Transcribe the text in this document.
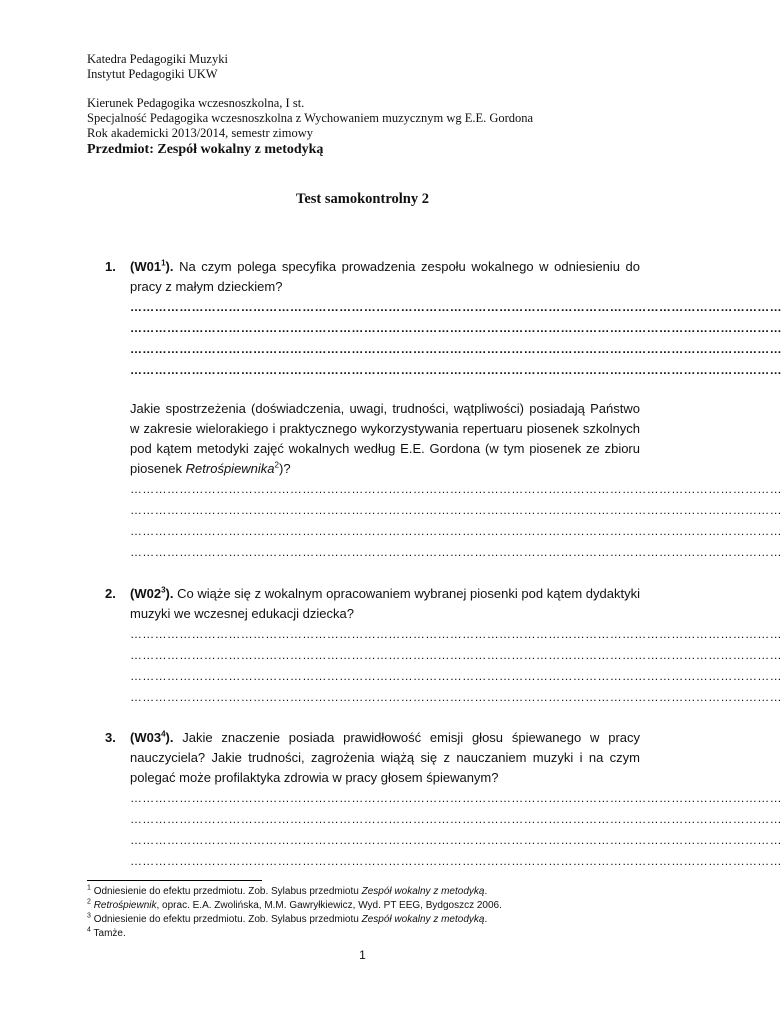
Katedra Pedagogiki Muzyki
Instytut Pedagogiki UKW
Kierunek Pedagogika wczesnoszkolna, I st.
Specjalność Pedagogika wczesnoszkolna z Wychowaniem muzycznym wg E.E. Gordona
Rok akademicki 2013/2014, semestr zimowy
Przedmiot: Zespół wokalny z metodyką
Test samokontrolny 2
1. $(W01^1)$. Na czym polega specyfika prowadzenia zespołu wokalnego w odniesieniu do pracy z małym dzieckiem?
……………………………………………………………………………………………………………………………………………
……………………………………………………………………………………………………………………………………………
……………………………………………………………………………………………………………………………………………
……………………………………………………………………………………………………………………………………………
Jakie spostrzeżenia (doświadczenia, uwagi, trudności, wątpliwości) posiadają Państwo w zakresie wielorakiego i praktycznego wykorzystywania repertuaru piosenek szkolnych pod kątem metodyki zajęć wokalnych według E.E. Gordona (w tym piosenek ze zbioru piosenek Retrośpiewnika$^2$)?
……………………………………………………………………………………………………………………………………………
……………………………………………………………………………………………………………………………………………
……………………………………………………………………………………………………………………………………………
……………………………………………………………………………………………………………………………………………
2. $(W02^3)$. Co wiąże się z wokalnym opracowaniem wybranej piosenki pod kątem dydaktyki muzyki we wczesnej edukacji dziecka?
……………………………………………………………………………………………………………………………………………
……………………………………………………………………………………………………………………………………………
……………………………………………………………………………………………………………………………………………
……………………………………………………………………………………………………………………………………………
3. $(W03^4)$. Jakie znaczenie posiada prawidłowość emisji głosu śpiewanego w pracy nauczyciela? Jakie trudności, zagrożenia wiążą się z nauczaniem muzyki i na czym polegać może profilaktyka zdrowia w pracy głosem śpiewanym?
……………………………………………………………………………………………………………………………………………
……………………………………………………………………………………………………………………………………………
……………………………………………………………………………………………………………………………………………
……………………………………………………………………………………………………………………………………………
$^1$ Odniesienie do efektu przedmiotu. Zob. Sylabus przedmiotu Zespół wokalny z metodyką.
$^2$ Retrośpiewnik, oprac. E.A. Zwolińska, M.M. Gawryłkiewicz, Wyd. PT EEG, Bydgoszcz 2006.
$^3$ Odniesienie do efektu przedmiotu. Zob. Sylabus przedmiotu Zespół wokalny z metodyką.
$^4$ Tamże.
1
